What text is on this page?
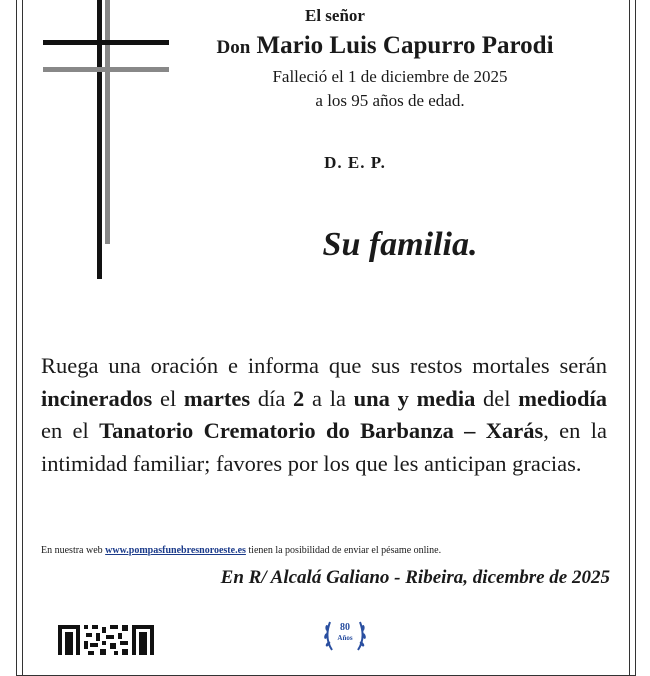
El señor
Don Mario Luis Capurro Parodi
Falleció el 1 de diciembre de 2025
a los 95 años de edad.
D. E. P.
Su familia.
Ruega una oración e informa que sus restos mortales serán incinerados el martes día 2 a la una y media del mediodía en el Tanatorio Crematorio do Barbanza – Xarás, en la intimidad familiar; favores por los que les anticipan gracias.
En nuestra web www.pompasfunebresnoroeste.es tienen la posibilidad de enviar el pésame online.
En R/ Alcalá Galiano - Ribeira, dicembre de 2025
80
Años
